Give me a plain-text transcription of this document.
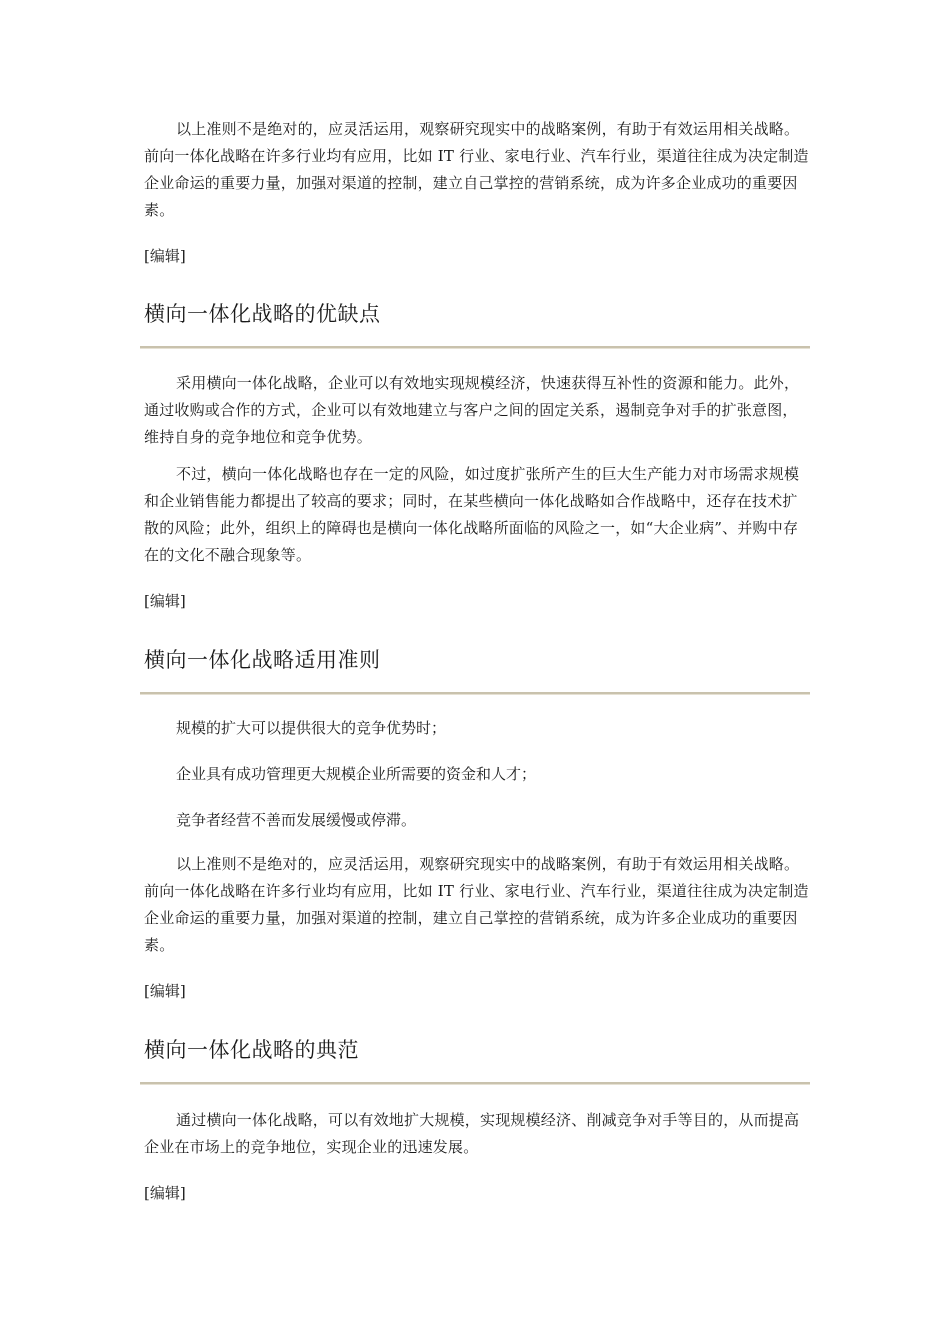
以上准则不是绝对的，应灵活运用，观察研究现实中的战略案例，有助于有效运用相关战略。前向一体化战略在许多行业均有应用，比如 IT 行业、家电行业、汽车行业，渠道往往成为决定制造企业命运的重要力量，加强对渠道的控制，建立自己掌控的营销系统，成为许多企业成功的重要因素。

[编辑]

横向一体化战略的优缺点

采用横向一体化战略，企业可以有效地实现规模经济，快速获得互补性的资源和能力。此外，通过收购或合作的方式，企业可以有效地建立与客户之间的固定关系，遏制竞争对手的扩张意图，维持自身的竞争地位和竞争优势。

不过，横向一体化战略也存在一定的风险，如过度扩张所产生的巨大生产能力对市场需求规模和企业销售能力都提出了较高的要求；同时，在某些横向一体化战略如合作战略中，还存在技术扩散的风险；此外，组织上的障碍也是横向一体化战略所面临的风险之一，如“大企业病”、并购中存在的文化不融合现象等。

[编辑]

横向一体化战略适用准则

规模的扩大可以提供很大的竞争优势时；

企业具有成功管理更大规模企业所需要的资金和人才；

竞争者经营不善而发展缓慢或停滞。

以上准则不是绝对的，应灵活运用，观察研究现实中的战略案例，有助于有效运用相关战略。前向一体化战略在许多行业均有应用，比如 IT 行业、家电行业、汽车行业，渠道往往成为决定制造企业命运的重要力量，加强对渠道的控制，建立自己掌控的营销系统，成为许多企业成功的重要因素。

[编辑]

横向一体化战略的典范

通过横向一体化战略，可以有效地扩大规模，实现规模经济、削减竞争对手等目的，从而提高企业在市场上的竞争地位，实现企业的迅速发展。

[编辑]
